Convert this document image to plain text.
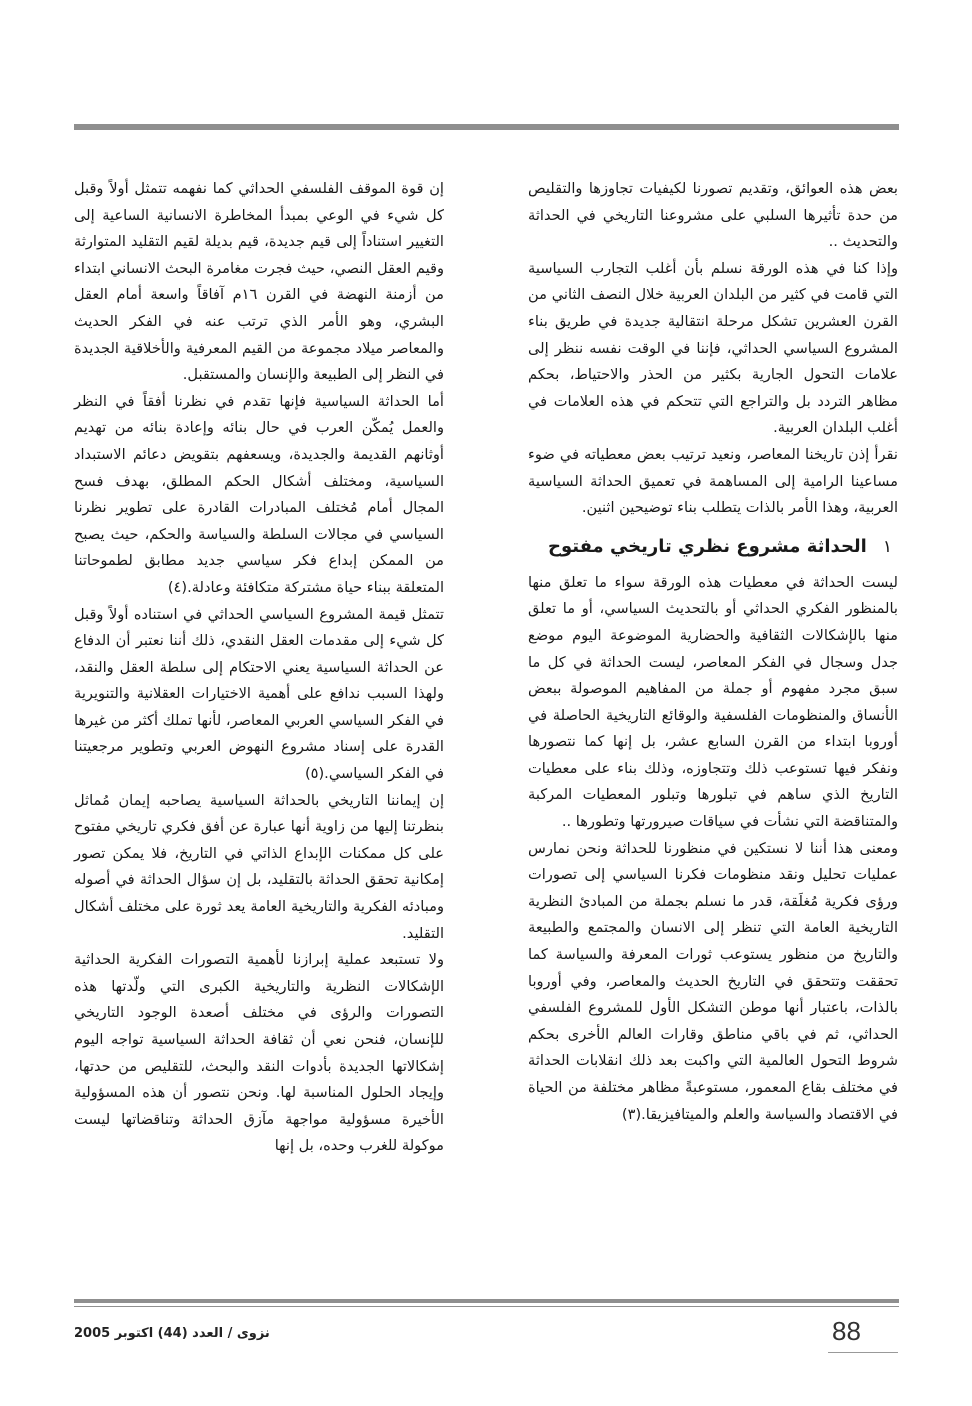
بعض هذه العوائق، وتقديم تصورنا لكيفيات تجاوزها والتقليص من حدة تأثيرها السلبي على مشروعنا التاريخي في الحداثة والتحديث ..

وإذا كنا في هذه الورقة نسلم بأن أغلب التجارب السياسية التي قامت في كثير من البلدان العربية خلال النصف الثاني من القرن العشرين تشكل مرحلة انتقالية جديدة في طريق بناء المشروع السياسي الحداثي، فإننا في الوقت نفسه ننظر إلى علامات التحول الجارية بكثير من الحذر والاحتياط، بحكم مظاهر التردد بل والتراجع التي تتحكم في هذه العلامات في أغلب البلدان العربية.

نقرأ إذن تاريخنا المعاصر، ونعيد ترتيب بعض معطياته في ضوء مساعينا الرامية إلى المساهمة في تعميق الحداثة السياسية العربية، وهذا الأمر بالذات يتطلب بناء توضيحين اثنين.

١
الحداثة مشروع نظري تاريخي مفتوح

ليست الحداثة في معطيات هذه الورقة سواء ما تعلق منها بالمنظور الفكري الحداثي أو بالتحديث السياسي، أو ما تعلق منها بالإشكالات الثقافية والحضارية الموضوعة اليوم موضع جدل وسجال في الفكر المعاصر، ليست الحداثة في كل ما سبق مجرد مفهوم أو جملة من المفاهيم الموصولة ببعض الأنساق والمنظومات الفلسفية والوقائع التاريخية الحاصلة في أوروبا ابتداء من القرن السابع عشر، بل إنها كما نتصورها ونفكر فيها تستوعب ذلك وتتجاوزه، وذلك بناء على معطيات التاريخ الذي ساهم في تبلورها وتبلور المعطيات المركبة والمتناقضة التي نشأت في سياقات صيرورتها وتطورها ..

ومعنى هذا أننا لا نستكين في منظورنا للحداثة ونحن نمارس عمليات تحليل ونقد منظومات فكرنا السياسي إلى تصورات ورؤى فكرية مُغلَقة، قدر ما نسلم بجملة من المبادئ النظرية التاريخية العامة التي تنظر إلى الانسان والمجتمع والطبيعة والتاريخ من منظور يستوعب ثورات المعرفة والسياسة كما تحققت وتتحقق في التاريخ الحديث والمعاصر، وفي أوروبا بالذات، باعتبار أنها موطن التشكل الأول للمشروع الفلسفي الحداثي، ثم في باقي مناطق وقارات العالم الأخرى بحكم شروط التحول العالمية التي واكبت بعد ذلك انقلابات الحداثة في مختلف بقاع المعمور، مستوعبةً مظاهر مختلفة من الحياة في الاقتصاد والسياسة والعلم والميتافيزيقا.(٣)

إن قوة الموقف الفلسفي الحداثي كما نفهمه تتمثل أولاً وقبل كل شيء في الوعي بمبدأ المخاطرة الانسانية الساعية إلى التغيير استناداً إلى قيم جديدة، قيم بديلة لقيم التقليد المتوارثة وقيم العقل النصي، حيث فجرت مغامرة البحث الانساني ابتداء من أزمنة النهضة في القرن ١٦م آفاقاً واسعة أمام العقل البشري، وهو الأمر الذي ترتب عنه في الفكر الحديث والمعاصر ميلاد مجموعة من القيم المعرفية والأخلاقية الجديدة في النظر إلى الطبيعة والإنسان والمستقبل.

أما الحداثة السياسية فإنها تقدم في نظرنا أفقاً في النظر والعمل يُمكّن العرب في حال بنائه وإعادة بنائه من تهديم أوثانهم القديمة والجديدة، ويسعفهم بتقويض دعائم الاستبداد السياسية، ومختلف أشكال الحكم المطلق، بهدف فسح المجال أمام مُختلف المبادرات القادرة على تطوير نظرنا السياسي في مجالات السلطة والسياسة والحكم، حيث يصبح من الممكن إبداع فكر سياسي جديد مطابق لطموحاتنا المتعلقة ببناء حياة مشتركة متكافئة وعادلة.(٤)

تتمثل قيمة المشروع السياسي الحداثي في استناده أولاً وقبل كل شيء إلى مقدمات العقل النقدي، ذلك أننا نعتبر أن الدفاع عن الحداثة السياسية يعني الاحتكام إلى سلطة العقل والنقد، ولهذا السبب ندافع على أهمية الاختيارات العقلانية والتنويرية في الفكر السياسي العربي المعاصر، لأنها تملك أكثر من غيرها القدرة على إسناد مشروع النهوض العربي وتطوير مرجعيتنا في الفكر السياسي.(٥)

إن إيماننا التاريخي بالحداثة السياسية يصاحبه إيمان مُماثل بنظرتنا إليها من زاوية أنها عبارة عن أفق فكري تاريخي مفتوح على كل ممكنات الإبداع الذاتي في التاريخ، فلا يمكن تصور إمكانية تحقق الحداثة بالتقليد، بل إن سؤال الحداثة في أصوله ومبادئه الفكرية والتاريخية العامة يعد ثورة على مختلف أشكال التقليد.

ولا تستبعد عملية إبرازنا لأهمية التصورات الفكرية الحداثية الإشكالات النظرية والتاريخية الكبرى التي ولّدتها هذه التصورات والرؤى في مختلف أصعدة الوجود التاريخي للإنسان، فنحن نعي أن ثقافة الحداثة السياسية تواجه اليوم إشكالاتها الجديدة بأدوات النقد والبحث، للتقليص من حدتها، وإيجاد الحلول المناسبة لها. ونحن نتصور أن هذه المسؤولية الأخيرة مسؤولية مواجهة مآزق الحداثة وتناقضاتها ليست موكولة للغرب وحده، بل إنها

88
نزوى / العدد (44) اكتوبر 2005
